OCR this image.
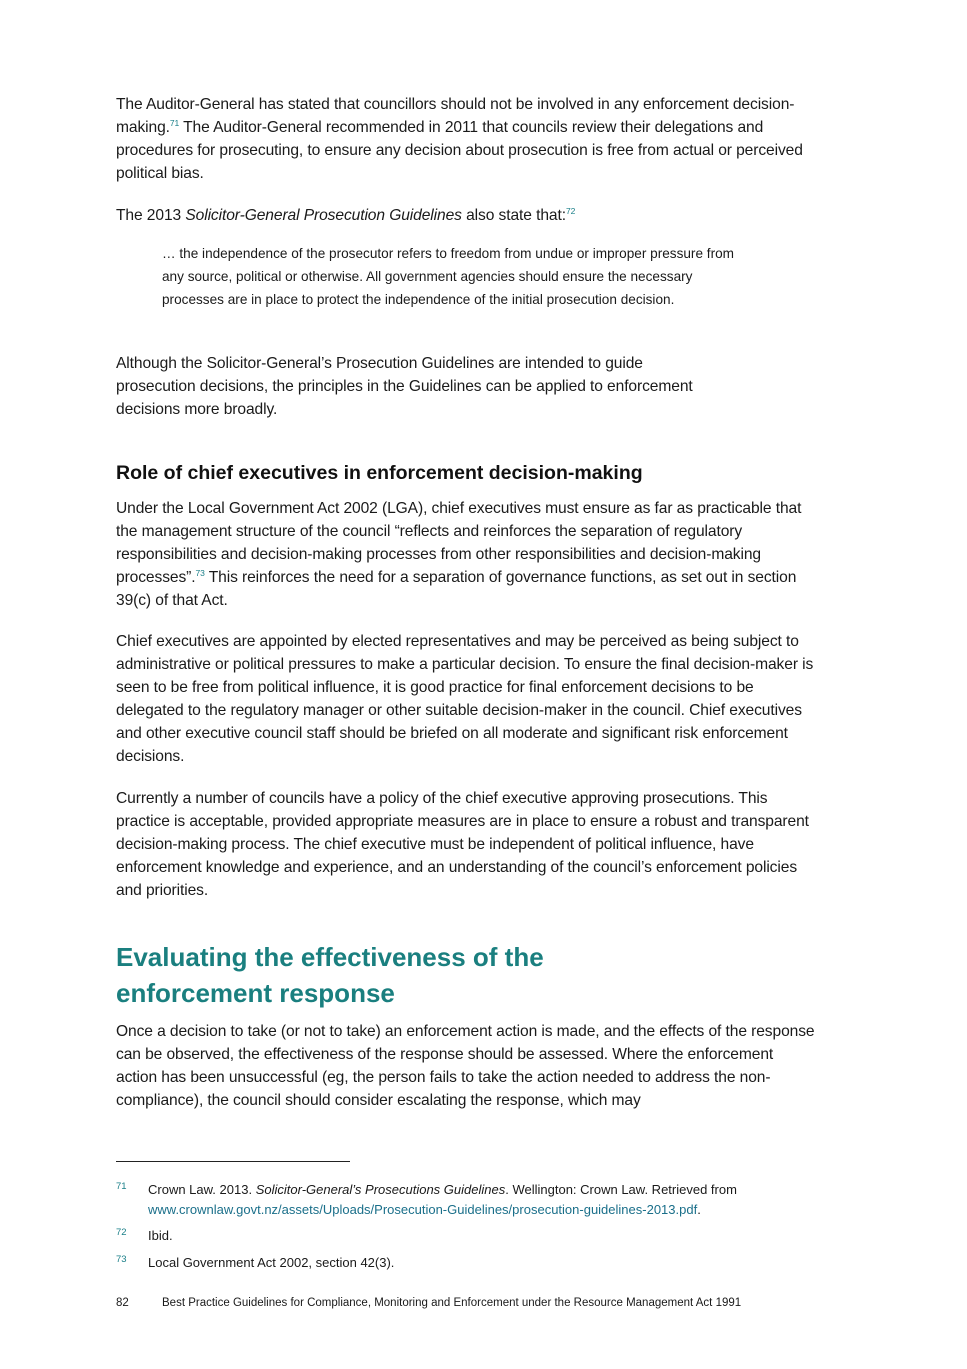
The Auditor-General has stated that councillors should not be involved in any enforcement decision-making.$^{71}$ The Auditor-General recommended in 2011 that councils review their delegations and procedures for prosecuting, to ensure any decision about prosecution is free from actual or perceived political bias.

The 2013 Solicitor-General Prosecution Guidelines also state that:$^{72}$

… the independence of the prosecutor refers to freedom from undue or improper pressure from any source, political or otherwise. All government agencies should ensure the necessary processes are in place to protect the independence of the initial prosecution decision.

Although the Solicitor-General’s Prosecution Guidelines are intended to guide prosecution decisions, the principles in the Guidelines can be applied to enforcement decisions more broadly.

Role of chief executives in enforcement decision-making

Under the Local Government Act 2002 (LGA), chief executives must ensure as far as practicable that the management structure of the council “reflects and reinforces the separation of regulatory responsibilities and decision-making processes from other responsibilities and decision-making processes”.$^{73}$ This reinforces the need for a separation of governance functions, as set out in section 39(c) of that Act.

Chief executives are appointed by elected representatives and may be perceived as being subject to administrative or political pressures to make a particular decision. To ensure the final decision-maker is seen to be free from political influence, it is good practice for final enforcement decisions to be delegated to the regulatory manager or other suitable decision-maker in the council. Chief executives and other executive council staff should be briefed on all moderate and significant risk enforcement decisions.

Currently a number of councils have a policy of the chief executive approving prosecutions. This practice is acceptable, provided appropriate measures are in place to ensure a robust and transparent decision-making process. The chief executive must be independent of political influence, have enforcement knowledge and experience, and an understanding of the council’s enforcement policies and priorities.

Evaluating the effectiveness of the enforcement response

Once a decision to take (or not to take) an enforcement action is made, and the effects of the response can be observed, the effectiveness of the response should be assessed. Where the enforcement action has been unsuccessful (eg, the person fails to take the action needed to address the non-compliance), the council should consider escalating the response, which may

71 Crown Law. 2013. Solicitor-General’s Prosecutions Guidelines. Wellington: Crown Law. Retrieved from www.crownlaw.govt.nz/assets/Uploads/Prosecution-Guidelines/prosecution-guidelines-2013.pdf.
72 Ibid.
73 Local Government Act 2002, section 42(3).
82	Best Practice Guidelines for Compliance, Monitoring and Enforcement under the Resource Management Act 1991
